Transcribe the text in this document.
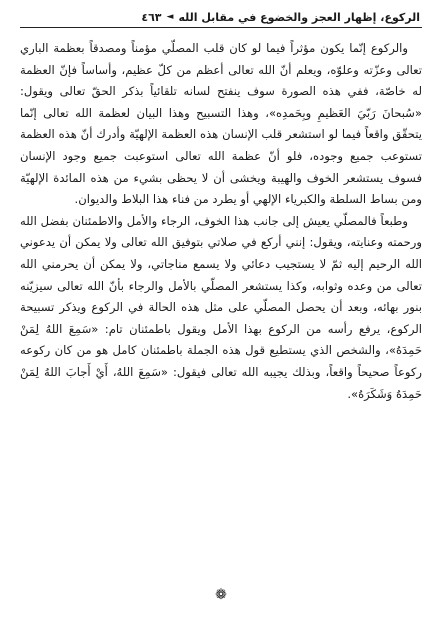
الركوع، إظهار العجز والخضوع في مقابل الله
◄
٤٦٣

والركوع إنّما يكون مؤثراً فيما لو كان قلب المصلّي مؤمناً ومصدقاً بعظمة الباري تعالى وعزّته وعلوّه، ويعلم أنّ الله تعالى أعظم من كلّ عظيم، وأساساً فإنّ العظمة له خاصّة، ففي هذه الصورة سوف ينفتح لسانه تلقائياً بذكر الحقّ تعالى ويقول: «سُبحانَ رَبّيَ العَظيمِ وبِحَمدِه»، وهذا التسبيح وهذا البيان لعظمة الله تعالى إنّما يتحقّق واقعاً فيما لو استشعر قلب الإنسان هذه العظمة الإلهيّة وأدرك أنّ هذه العظمة تستوعب جميع وجوده، فلو أنّ عظمة الله تعالى استوعبت جميع وجود الإنسان فسوف يستشعر الخوف والهيبة ويخشى أن لا يحظى بشيء من هذه المائدة الإلهيّة ومن بساط السلطة والكبرياء الإلهي أو يطرد من فناء هذا البلاط والديوان.

وطبعاً فالمصلّي يعيش إلى جانب هذا الخوف، الرجاء والأمل والاطمئنان بفضل الله ورحمته وعنايته، ويقول: إنني أركع في صلاتي بتوفيق الله تعالى ولا يمكن أن يدعوني الله الرحيم إليه ثمّ لا يستجيب دعائي ولا يسمع مناجاتي، ولا يمكن أن يحرمني الله تعالى من وعده وثوابه، وكذا يستشعر المصلّي بالأمل والرجاء بأنّ الله تعالى سيزيّنه بنور بهائه، وبعد أن يحصل المصلّي على مثل هذه الحالة في الركوع ويذكر تسبيحة الركوع، يرفع رأسه من الركوع بهذا الأمل ويقول باطمئنان تام: «سَمِعَ اللهُ لِمَنْ حَمِدَهُ»، والشخص الذي يستطيع قول هذه الجملة باطمئنان كامل هو من كان ركوعه ركوعاً صحيحاً واقعاً، وبذلك يجيبه الله تعالى فيقول: «سَمِعَ اللهُ، أَيْ أَجابَ اللهُ لِمَنْ حَمِدَهُ وَشَكَرَهُ».

❁
